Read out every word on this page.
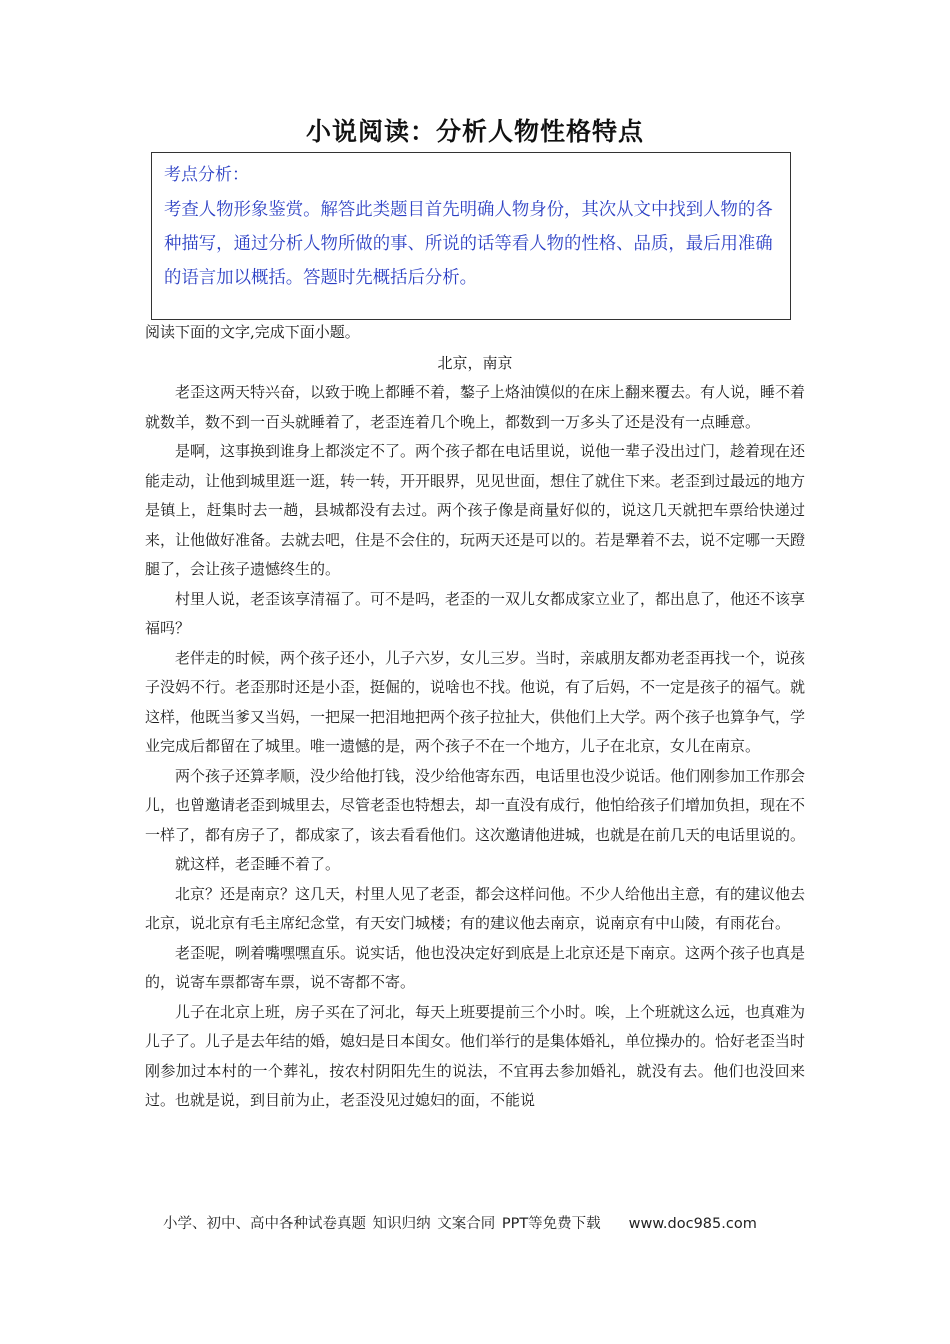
小说阅读：分析人物性格特点
考点分析：
考查人物形象鉴赏。解答此类题目首先明确人物身份，其次从文中找到人物的各种描写，通过分析人物所做的事、所说的话等看人物的性格、品质，最后用准确的语言加以概括。答题时先概括后分析。
阅读下面的文字,完成下面小题。
北京，南京

老歪这两天特兴奋，以致于晚上都睡不着，鏊子上烙油馍似的在床上翻来覆去。有人说，睡不着就数羊，数不到一百头就睡着了，老歪连着几个晚上，都数到一万多头了还是没有一点睡意。

是啊，这事换到谁身上都淡定不了。两个孩子都在电话里说，说他一辈子没出过门，趁着现在还能走动，让他到城里逛一逛，转一转，开开眼界，见见世面，想住了就住下来。老歪到过最远的地方是镇上，赶集时去一趟，县城都没有去过。两个孩子像是商量好似的，说这几天就把车票给快递过来，让他做好准备。去就去吧，住是不会住的，玩两天还是可以的。若是犟着不去，说不定哪一天蹬腿了，会让孩子遗憾终生的。

村里人说，老歪该享清福了。可不是吗，老歪的一双儿女都成家立业了，都出息了，他还不该享福吗？

老伴走的时候，两个孩子还小，儿子六岁，女儿三岁。当时，亲戚朋友都劝老歪再找一个，说孩子没妈不行。老歪那时还是小歪，挺倔的，说啥也不找。他说，有了后妈，不一定是孩子的福气。就这样，他既当爹又当妈，一把屎一把泪地把两个孩子拉扯大，供他们上大学。两个孩子也算争气，学业完成后都留在了城里。唯一遗憾的是，两个孩子不在一个地方，儿子在北京，女儿在南京。

两个孩子还算孝顺，没少给他打钱，没少给他寄东西，电话里也没少说话。他们刚参加工作那会儿，也曾邀请老歪到城里去，尽管老歪也特想去，却一直没有成行，他怕给孩子们增加负担，现在不一样了，都有房子了，都成家了，该去看看他们。这次邀请他进城，也就是在前几天的电话里说的。

就这样，老歪睡不着了。

北京？还是南京？这几天，村里人见了老歪，都会这样问他。不少人给他出主意，有的建议他去北京，说北京有毛主席纪念堂，有天安门城楼；有的建议他去南京，说南京有中山陵，有雨花台。

老歪呢，咧着嘴嘿嘿直乐。说实话，他也没决定好到底是上北京还是下南京。这两个孩子也真是的，说寄车票都寄车票，说不寄都不寄。

儿子在北京上班，房子买在了河北，每天上班要提前三个小时。唉，上个班就这么远，也真难为儿子了。儿子是去年结的婚，媳妇是日本闺女。他们举行的是集体婚礼，单位操办的。恰好老歪当时刚参加过本村的一个葬礼，按农村阴阳先生的说法，不宜再去参加婚礼，就没有去。他们也没回来过。也就是说，到目前为止，老歪没见过媳妇的面，不能说

小学、初中、高中各种试卷真题 知识归纳 文案合同 PPT等免费下载 www.doc985.com
